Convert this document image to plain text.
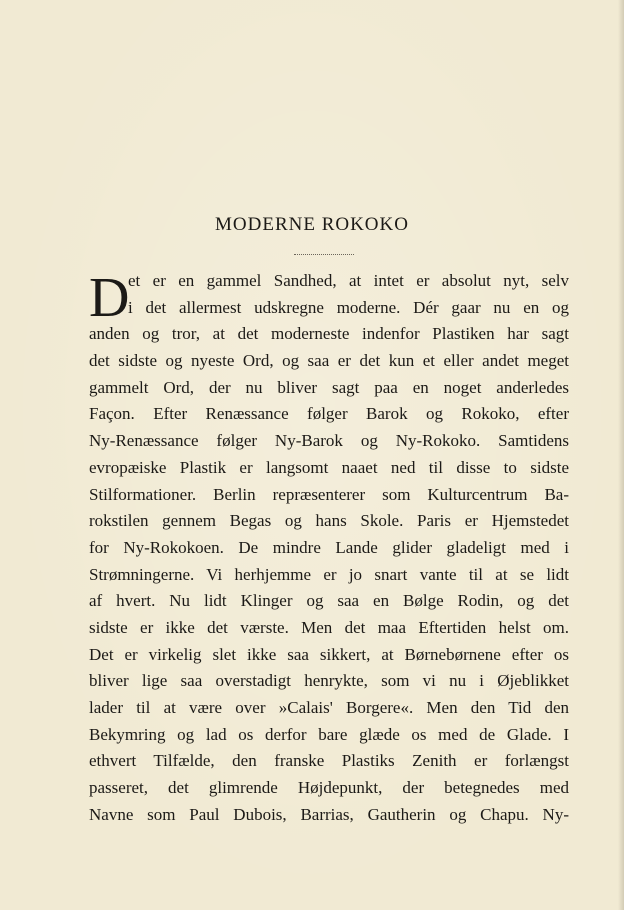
MODERNE ROKOKO
D
et er en gammel Sandhed, at intet er absolut nyt, selv
i det allermest udskregne moderne. Dér gaar nu en og
anden og tror, at det moderneste indenfor Plastiken har sagt
det sidste og nyeste Ord, og saa er det kun et eller andet meget
gammelt Ord, der nu bliver sagt paa en noget anderledes
Façon. Efter Renæssance følger Barok og Rokoko, efter
Ny-Renæssance følger Ny-Barok og Ny-Rokoko. Samtidens
evropæiske Plastik er langsomt naaet ned til disse to sidste
Stilformationer. Berlin repræsenterer som Kulturcentrum Ba-
rokstilen gennem Begas og hans Skole. Paris er Hjemstedet
for Ny-Rokokoen. De mindre Lande glider gladeligt med i
Strømningerne. Vi herhjemme er jo snart vante til at se lidt
af hvert. Nu lidt Klinger og saa en Bølge Rodin, og det
sidste er ikke det værste. Men det maa Eftertiden helst om.
Det er virkelig slet ikke saa sikkert, at Børnebørnene efter os
bliver lige saa overstadigt henrykte, som vi nu i Øjeblikket
lader til at være over »Calais' Borgere«. Men den Tid den
Bekymring og lad os derfor bare glæde os med de Glade. I
ethvert Tilfælde, den franske Plastiks Zenith er forlængst
passeret, det glimrende Højdepunkt, der betegnedes med
Navne som Paul Dubois, Barrias, Gautherin og Chapu. Ny-
